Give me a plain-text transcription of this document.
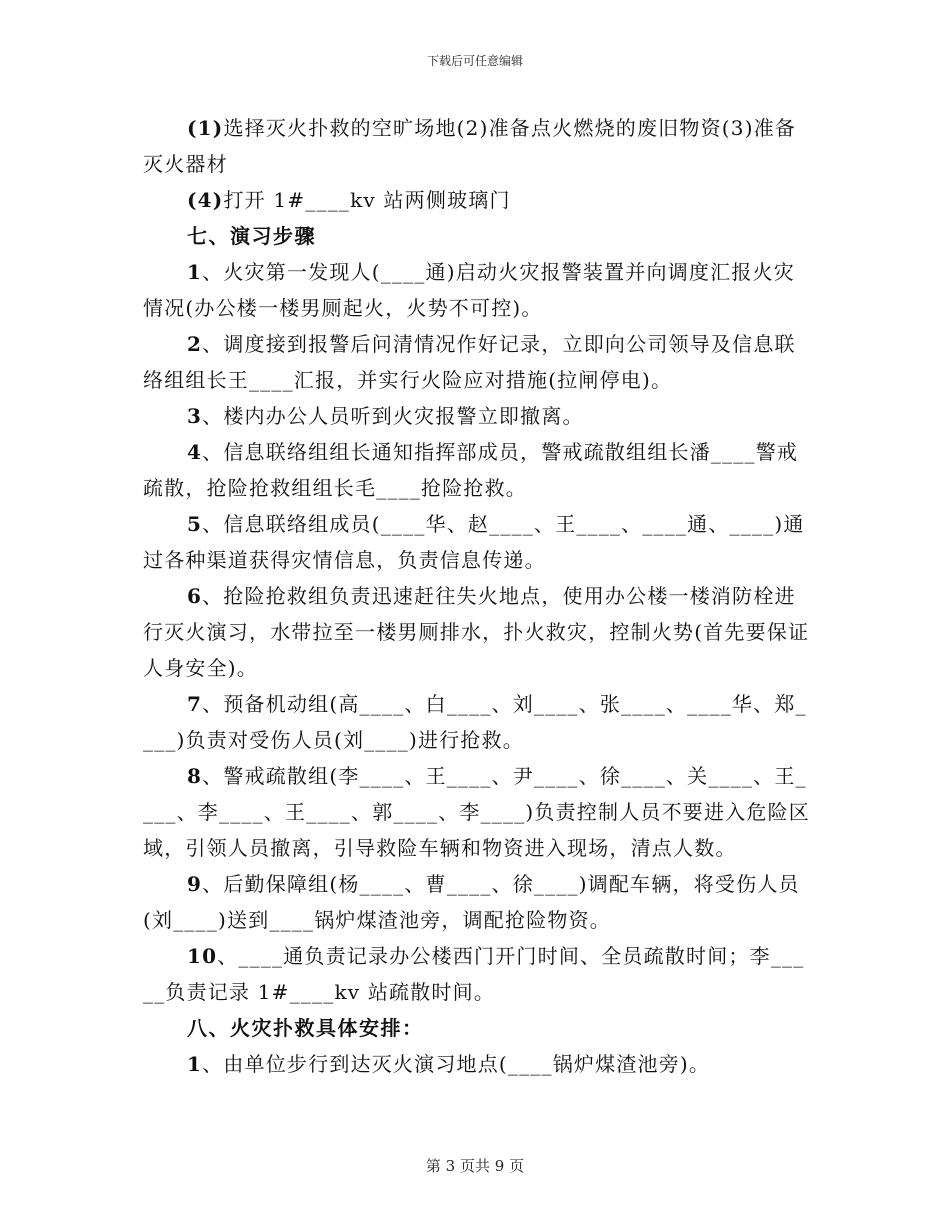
下载后可任意编辑

(1)选择灭火扑救的空旷场地(2)准备点火燃烧的废旧物资(3)准备灭火器材

(4)打开 1#____kv 站两侧玻璃门

七、演习步骤

1、火灾第一发现人(____通)启动火灾报警装置并向调度汇报火灾情况(办公楼一楼男厕起火，火势不可控)。

2、调度接到报警后问清情况作好记录，立即向公司领导及信息联络组组长王____汇报，并实行火险应对措施(拉闸停电)。

3、楼内办公人员听到火灾报警立即撤离。

4、信息联络组组长通知指挥部成员，警戒疏散组组长潘____警戒疏散，抢险抢救组组长毛____抢险抢救。

5、信息联络组成员(____华、赵____、王____、____通、____)通过各种渠道获得灾情信息，负责信息传递。

6、抢险抢救组负责迅速赶往失火地点，使用办公楼一楼消防栓进行灭火演习，水带拉至一楼男厕排水，扑火救灾，控制火势(首先要保证人身安全)。

7、预备机动组(高____、白____、刘____、张____、____华、郑____)负责对受伤人员(刘____)进行抢救。

8、警戒疏散组(李____、王____、尹____、徐____、关____、王____、李____、王____、郭____、李____)负责控制人员不要进入危险区域，引领人员撤离，引导救险车辆和物资进入现场，清点人数。

9、后勤保障组(杨____、曹____、徐____)调配车辆，将受伤人员(刘____)送到____锅炉煤渣池旁，调配抢险物资。

10、____通负责记录办公楼西门开门时间、全员疏散时间；李_____负责记录 1#____kv 站疏散时间。

八、火灾扑救具体安排：

1、由单位步行到达灭火演习地点(____锅炉煤渣池旁)。

第 3 页共 9 页
